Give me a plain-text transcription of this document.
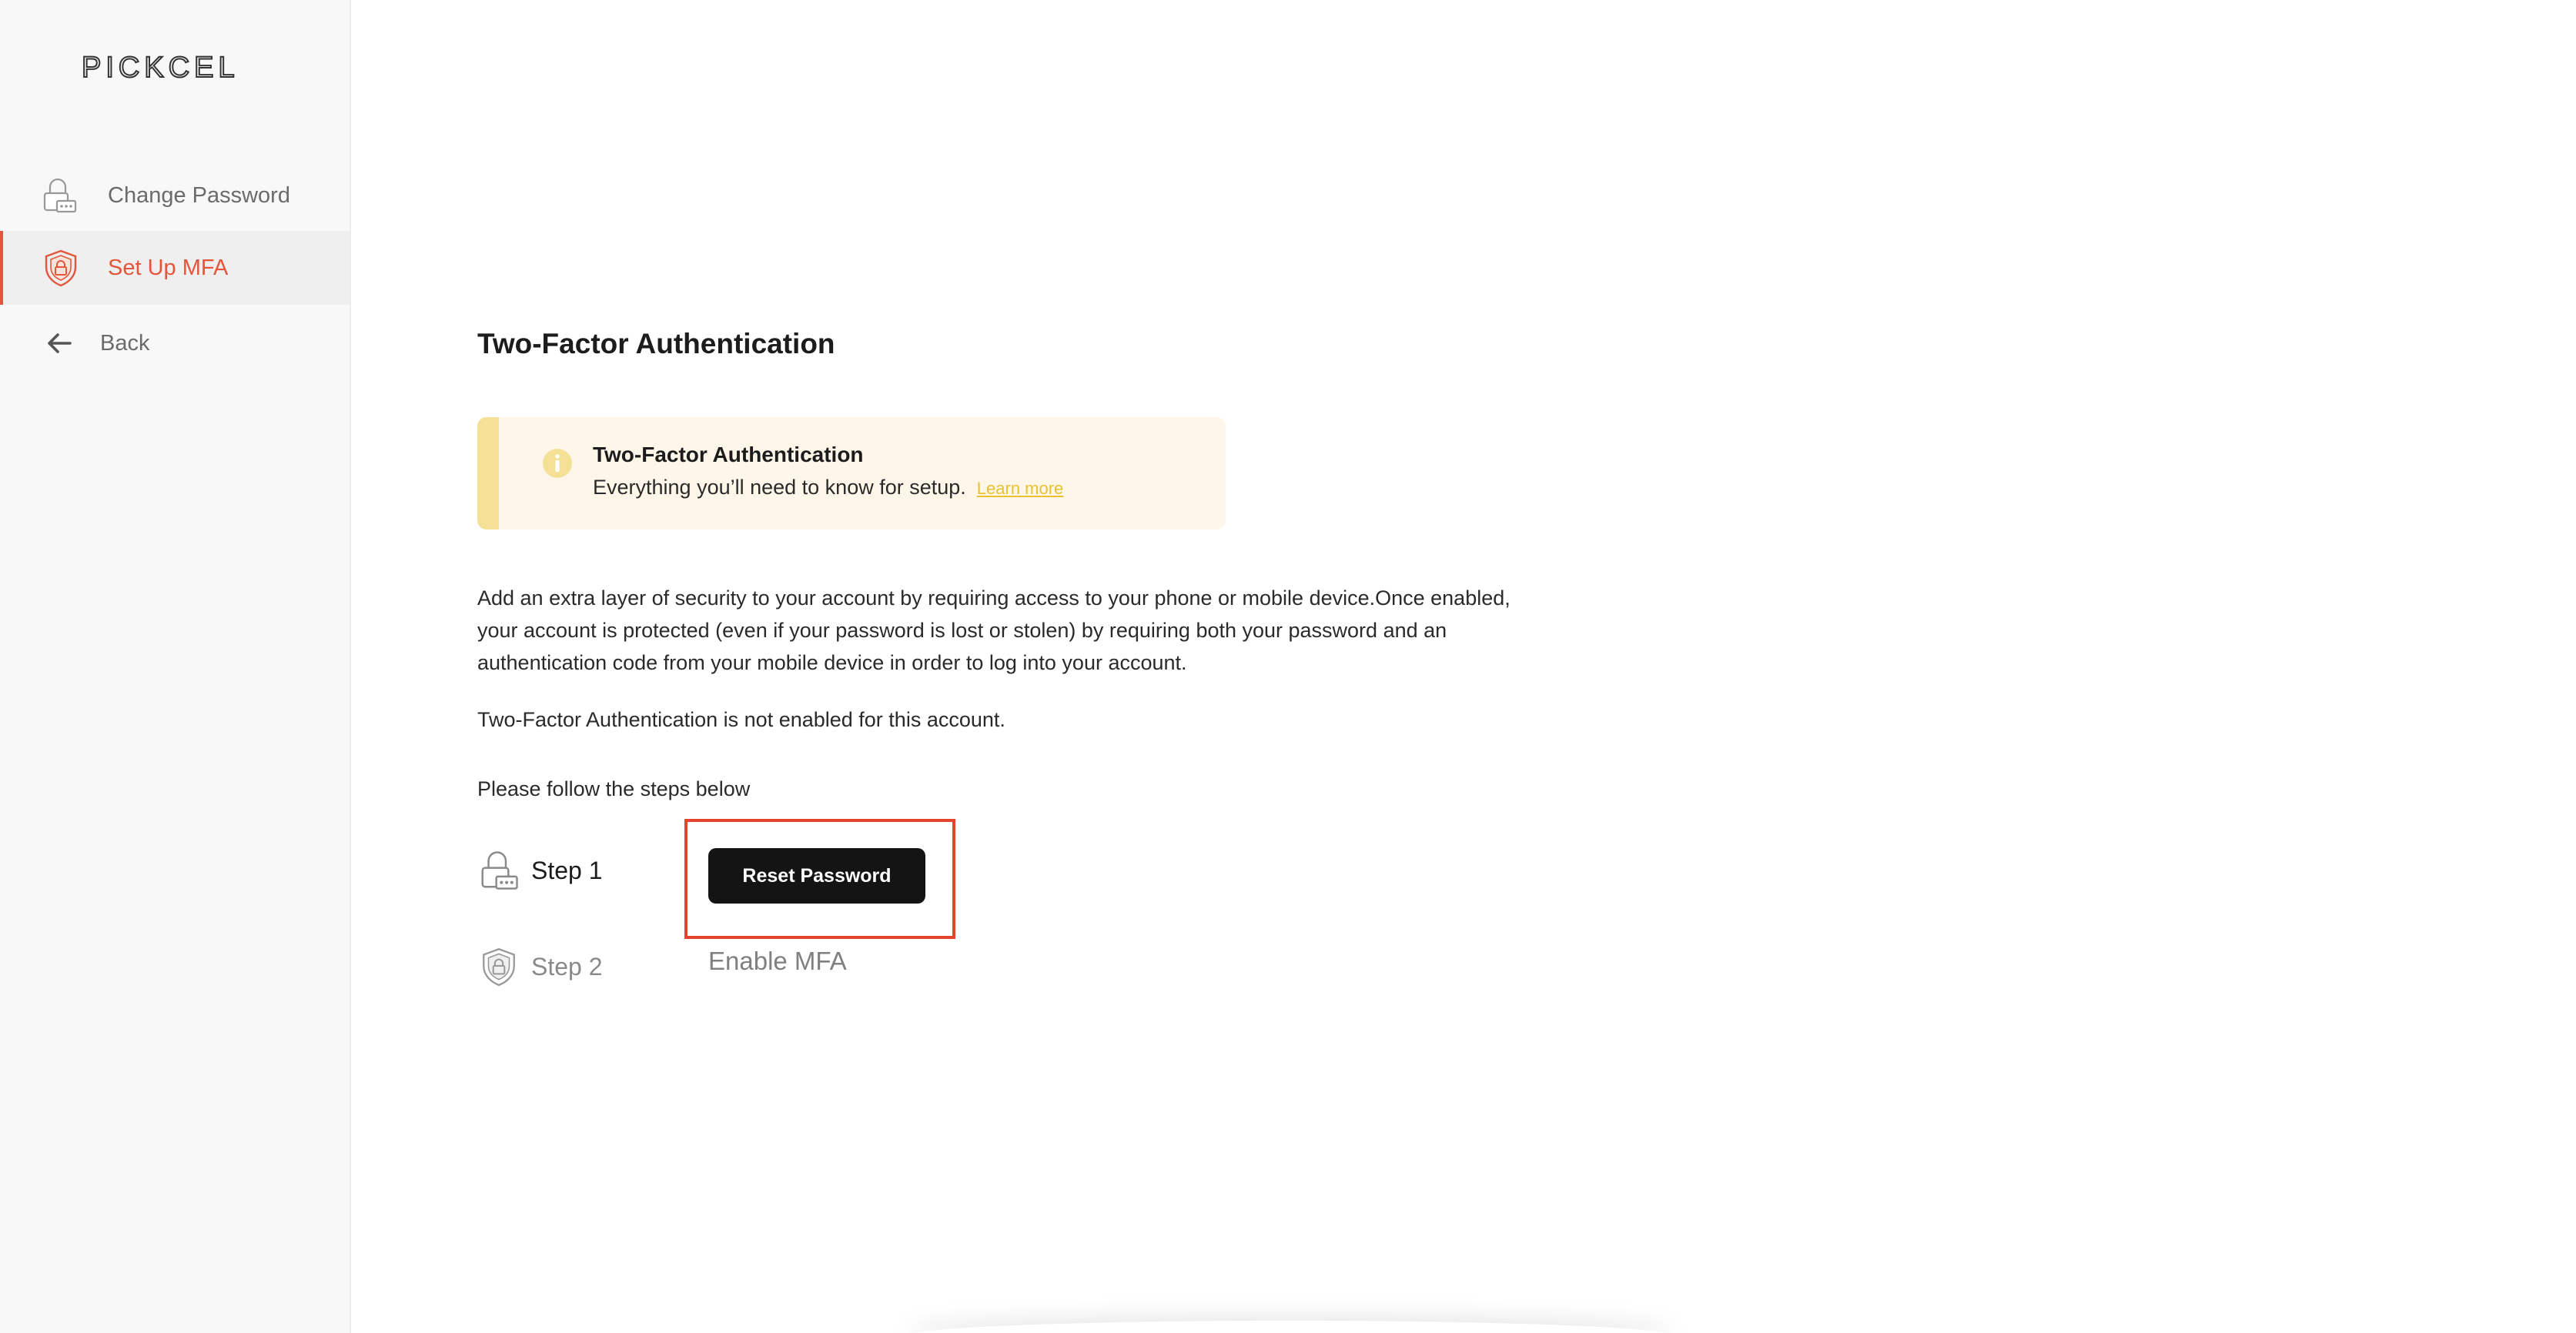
PICKCEL
Change Password
Set Up MFA
Back	Two-Factor Authentication
Two-Factor Authentication
Everything you’ll need to know for setup. Learn more

Add an extra layer of security to your account by requiring access to your phone or mobile device.Once enabled, your account is protected (even if your password is lost or stolen) by requiring both your password and an authentication code from your mobile device in order to log into your account.

Two-Factor Authentication is not enabled for this account.

Please follow the steps below

Step 1
Step 2
Reset Password
Enable MFA
